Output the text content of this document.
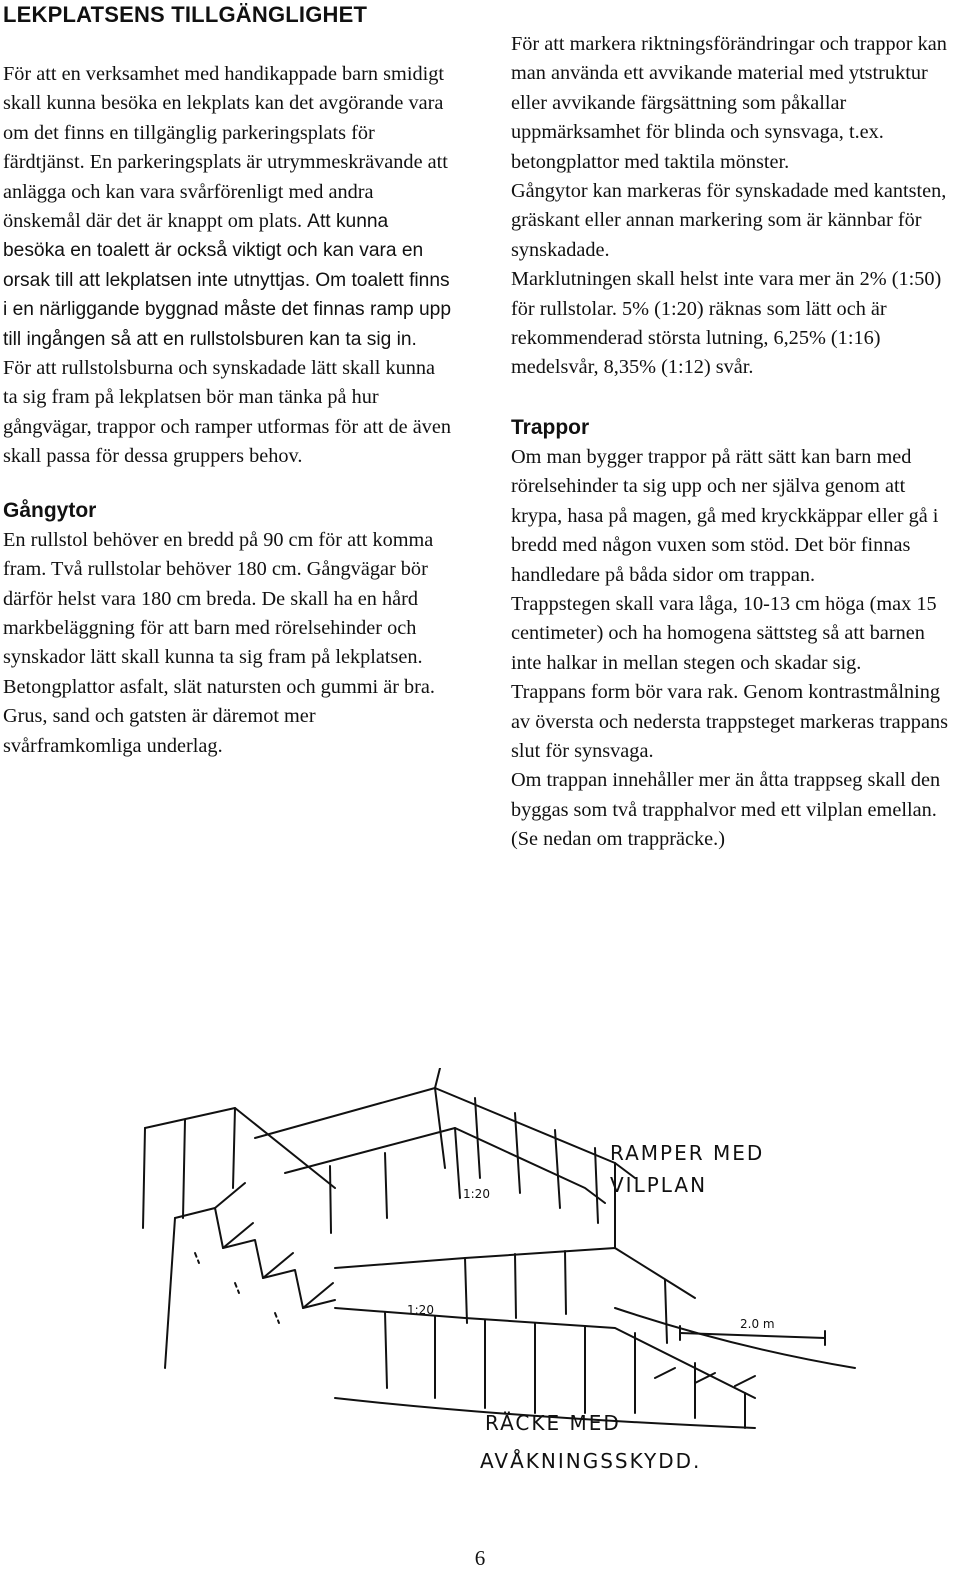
LEKPLATSENS TILLGÄNGLIGHET

För att en verksamhet med handikappade barn smidigt skall kunna besöka en lekplats kan det avgörande vara om det finns en tillgänglig parkeringsplats för färdtjänst. En parkeringsplats är utrymmeskrävande att anlägga och kan vara svårförenligt med andra önskemål där det är knappt om plats. Att kunna besöka en toalett är också viktigt och kan vara en orsak till att lekplatsen inte utnyttjas. Om toalett finns i en närliggande byggnad måste det finnas ramp upp till ingången så att en rullstolsburen kan ta sig in.

För att rullstolsburna och synskadade lätt skall kunna ta sig fram på lekplatsen bör man tänka på hur gångvägar, trappor och ramper utformas för att de även skall passa för dessa gruppers behov.

Gångytor

En rullstol behöver en bredd på 90 cm för att komma fram. Två rullstolar behöver 180 cm. Gångvägar bör därför helst vara 180 cm breda. De skall ha en hård markbeläggning för att barn med rörelsehinder och synskador lätt skall kunna ta sig fram på lekplatsen. Betongplattor asfalt, slät natursten och gummi är bra. Grus, sand och gatsten är däremot mer svårframkomliga underlag.

För att markera riktningsförändringar och trappor kan man använda ett avvikande material med ytstruktur eller avvikande färgsättning som påkallar uppmärksamhet för blinda och synsvaga, t.ex. betongplattor med taktila mönster.

Gångytor kan markeras för synskadade med kantsten, gräskant eller annan markering som är kännbar för synskadade.

Marklutningen skall helst inte vara mer än 2% (1:50) för rullstolar. 5% (1:20) räknas som lätt och är rekommenderad största lutning, 6,25% (1:16) medelsvår, 8,35% (1:12) svår.

Trappor

Om man bygger trappor på rätt sätt kan barn med rörelsehinder ta sig upp och ner själva genom att krypa, hasa på magen, gå med kryckkäppar eller gå i bredd med någon vuxen som stöd. Det bör finnas handledare på båda sidor om trappan.

Trappstegen skall vara låga, 10-13 cm höga (max 15 centimeter) och ha homogena sättsteg så att barnen inte halkar in mellan stegen och skadar sig.

Trappans form bör vara rak. Genom kontrastmålning av översta och nedersta trappsteget markeras trappans slut för synsvaga.

Om trappan innehåller mer än åtta trappseg skall den byggas som två trapphalvor med ett vilplan emellan. (Se nedan om trappräcke.)

RAMPER MED
VILPLAN
1:20
1:20
2.0 m
RÄCKE MED
AVÅKNINGSSKYDD.
6
